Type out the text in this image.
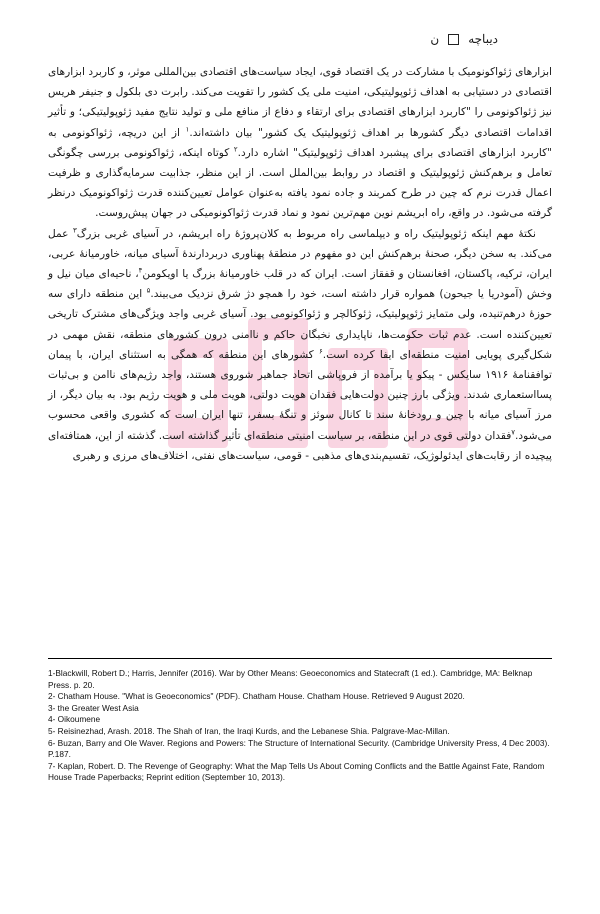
دیباچه
ن

ابزارهای ژئواکونومیک با مشارکت در یک اقتصاد قوی، ایجاد سیاست‌های اقتصادی بین‌المللی موثر، و کاربرد ابزارهای اقتصادی در دستیابی به اهداف ژئوپولیتیکی، امنیت ملی یک کشور را تقویت می‌کند. رابرت دی بلکول و جنیفر هریس نیز ژئواکونومی را "کاربرد ابزارهای اقتصادی برای ارتقاء و دفاع از منافع ملی و تولید نتایج مفید ژئوپولیتیکی؛ و تأثیر اقدامات اقتصادی دیگر کشورها بر اهداف ژئوپولیتیک یک کشور" بیان داشته‌اند.$^۱$ از این دریچه، ژئواکونومی به "کاربرد ابزارهای اقتصادی برای پیشبرد اهداف ژئوپولیتیک" اشاره دارد.$^۲$ کوتاه اینکه، ژئواکونومی بررسی چگونگی تعامل و برهم‌کنش ژئوپولیتیک و اقتصاد در روابط بین‌الملل است. از این منظر، جذابیت سرمایه‌گذاری و ظرفیت اعمال قدرت نرم که چین در طرح کمربند و جاده نمود یافته به‌عنوان عوامل تعیین‌کننده قدرت ژئواکونومیک درنظر گرفته می‌شود. در واقع، راه ابریشم نوین مهم‌ترین نمود و نماد قدرت ژئواکونومیکی در جهان پیش‌روست.

نکتهٔ مهم اینکه ژئوپولیتیک راه و دیپلماسی راه مربوط به کلان‌پروژهٔ راه ابریشم، در آسیای غربی بزرگ$^۳$ عمل می‌کند. به سخن دیگر، صحنهٔ برهم‌کنش این دو مفهوم در منطقهٔ پهناوری دربردارندهٔ آسیای میانه، خاورمیانهٔ عربی، ایران، ترکیه، پاکستان، افغانستان و قفقاز است. ایران که در قلب خاورمیانهٔ بزرگ یا اویکومن$^۴$، ناحیه‌ای میان نیل و وخش (آمودریا یا جیحون) همواره قرار داشته است، خود را همچو دژ شرق نزدیک می‌بیند.$^۵$ این منطقه دارای سه حوزهٔ درهم‌تنیده، ولی متمایز ژئوپولیتیک، ژئوکالچر و ژئواکونومی بود. آسیای غربی واجد ویژگی‌های مشترک تاریخی تعیین‌کننده است. عدم ثبات حکومت‌ها، ناپایداری نخبگان حاکم و ناامنی درون کشورهای منطقه، نقش مهمی در شکل‌گیری پویایی امنیت منطقه‌ای ایفا کرده است.$^۶$ کشورهای این منطقه که همگی به استثنای ایران، با پیمان توافقنامهٔ ۱۹۱۶ سایکس - پیکو یا برآمده از فروپاشی اتحاد جماهیر شوروی هستند، واجد رژیم‌های ناامن و بی‌ثبات پسااستعماری شدند. ویژگی بارز چنین دولت‌هایی فقدان هویت دولتی، هویت ملی و هویت رژیم بود. به بیان دیگر، از مرز آسیای میانه با چین و رودخانهٔ سند تا کانال سوئز و تنگهٔ بسفر، تنها ایران است که کشوری واقعی محسوب می‌شود.$^۷$فقدان دولتی قوی در این منطقه، بر سیاست امنیتی منطقه‌ای تأثیر گذاشته است. گذشته از این، همتافته‌ای پیچیده از رقابت‌های ایدئولوژیک، تقسیم‌بندی‌های مذهبی - قومی، سیاست‌های نفتی، اختلاف‌های مرزی و رهبری

1-Blackwill, Robert D.; Harris, Jennifer (2016). War by Other Means: Geoeconomics and Statecraft (1 ed.). Cambridge, MA: Belknap Press. p. 20.
2- Chatham House. "What is Geoeconomics" (PDF). Chatham House. Chatham House. Retrieved 9 August 2020.
3- the Greater West Asia
4- Oikoumene
5- Reisinezhad, Arash. 2018. The Shah of Iran, the Iraqi Kurds, and the Lebanese Shia. Palgrave-Mac-Millan.
6- Buzan, Barry and Ole Waver. Regions and Powers: The Structure of International Security. (Cambridge University Press, 4 Dec 2003). P.187.
7- Kaplan, Robert. D. The Revenge of Geography: What the Map Tells Us About Coming Conflicts and the Battle Against Fate, Random House Trade Paperbacks; Reprint edition (September 10, 2013).
